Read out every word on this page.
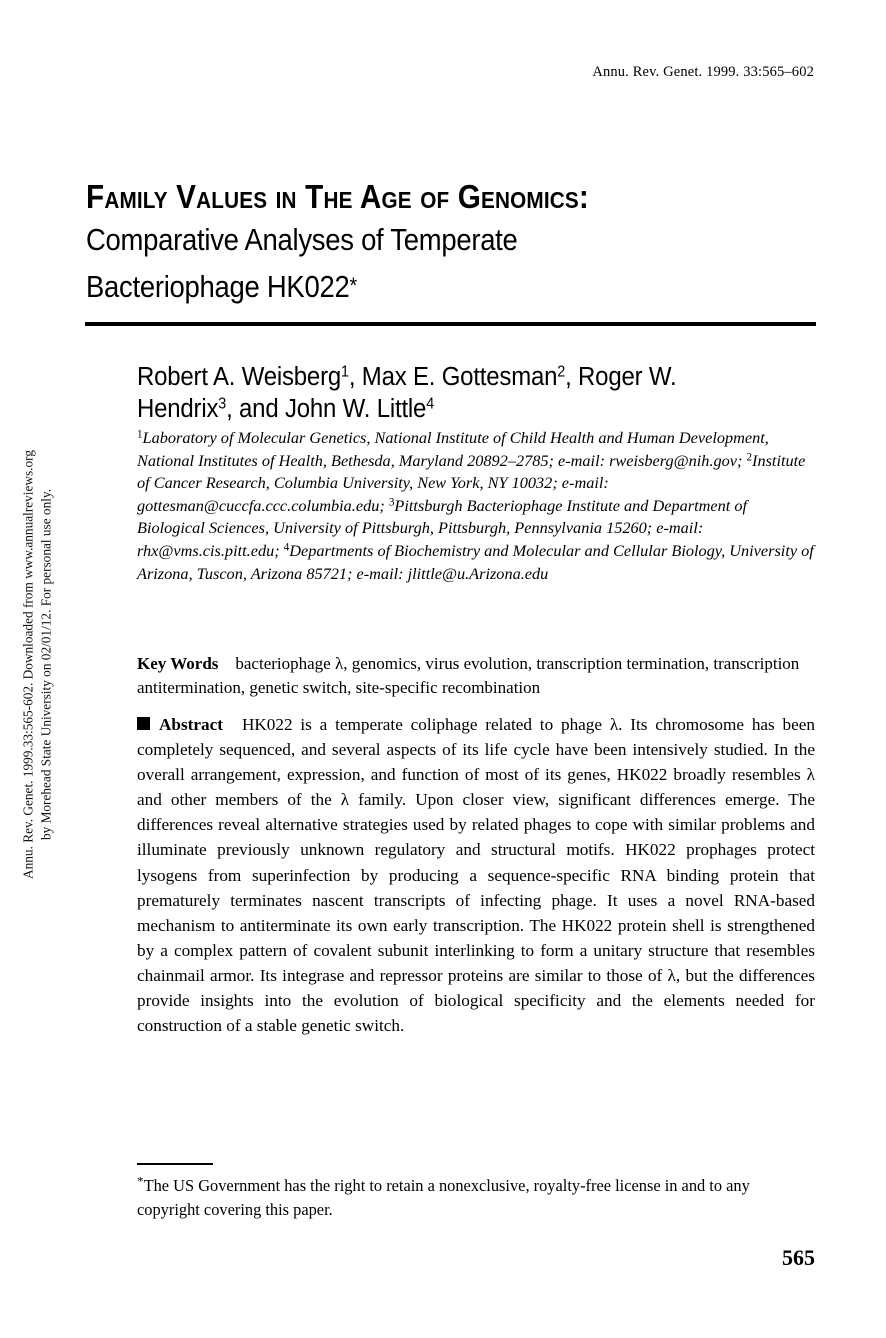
Annu. Rev. Genet. 1999. 33:565–602
Annu. Rev. Genet. 1999.33:565-602. Downloaded from www.annualreviews.org by Morehead State University on 02/01/12. For personal use only.
Family Values in The Age of Genomics:
Comparative Analyses of Temperate
Bacteriophage HK022*
Robert A. Weisberg$^1$, Max E. Gottesman$^2$, Roger W. Hendrix$^3$, and John W. Little$^4$
$^1$Laboratory of Molecular Genetics, National Institute of Child Health and Human Development, National Institutes of Health, Bethesda, Maryland 20892–2785; e-mail: rweisberg@nih.gov; $^2$Institute of Cancer Research, Columbia University, New York, NY 10032; e-mail: gottesman@cuccfa.ccc.columbia.edu; $^3$Pittsburgh Bacteriophage Institute and Department of Biological Sciences, University of Pittsburgh, Pittsburgh, Pennsylvania 15260; e-mail: rhx@vms.cis.pitt.edu; $^4$Departments of Biochemistry and Molecular and Cellular Biology, University of Arizona, Tuscon, Arizona 85721; e-mail: jlittle@u.Arizona.edu
Key Words bacteriophage λ, genomics, virus evolution, transcription termination, transcription antitermination, genetic switch, site-specific recombination
Abstract HK022 is a temperate coliphage related to phage λ. Its chromosome has been completely sequenced, and several aspects of its life cycle have been intensively studied. In the overall arrangement, expression, and function of most of its genes, HK022 broadly resembles λ and other members of the λ family. Upon closer view, significant differences emerge. The differences reveal alternative strategies used by related phages to cope with similar problems and illuminate previously unknown regulatory and structural motifs. HK022 prophages protect lysogens from superinfection by producing a sequence-specific RNA binding protein that prematurely terminates nascent transcripts of infecting phage. It uses a novel RNA-based mechanism to antiterminate its own early transcription. The HK022 protein shell is strengthened by a complex pattern of covalent subunit interlinking to form a unitary structure that resembles chainmail armor. Its integrase and repressor proteins are similar to those of λ, but the differences provide insights into the evolution of biological specificity and the elements needed for construction of a stable genetic switch.
*The US Government has the right to retain a nonexclusive, royalty-free license in and to any copyright covering this paper.
565
